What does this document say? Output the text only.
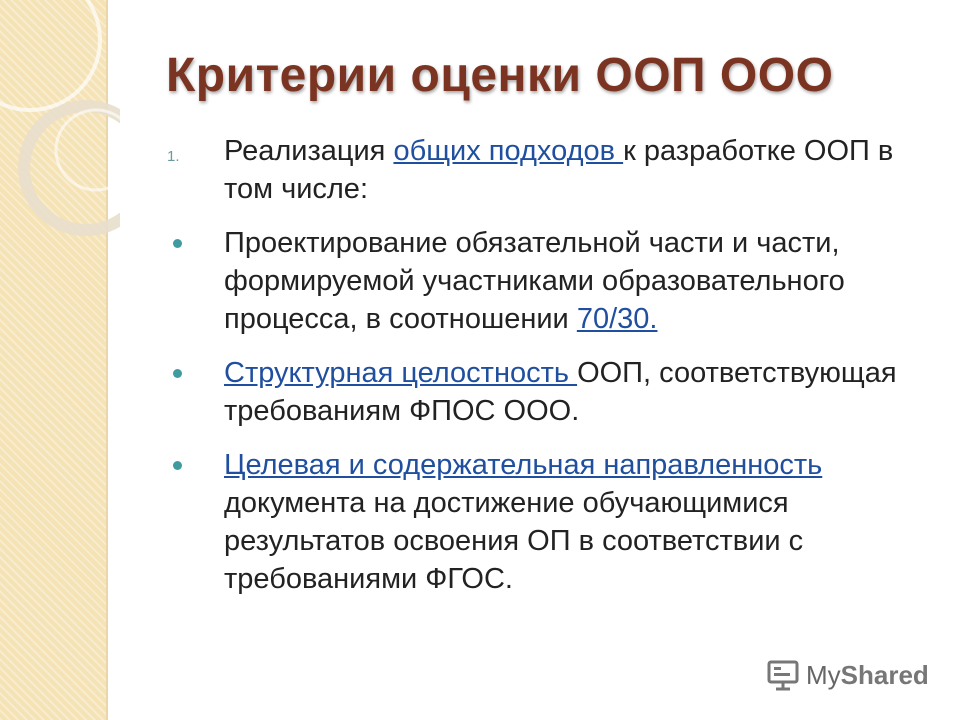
Критерии оценки ООП ООО

1. Реализация общих подходов к разработке ООП в том числе:

Проектирование обязательной части и части, формируемой участниками образовательного процесса, в соотношении 70/30.

Структурная целостность ООП, соответствующая требованиям ФПОС ООО.

Целевая и содержательная направленность документа на достижение обучающимися результатов освоения ОП в соответствии с требованиями ФГОС.

MyShared
